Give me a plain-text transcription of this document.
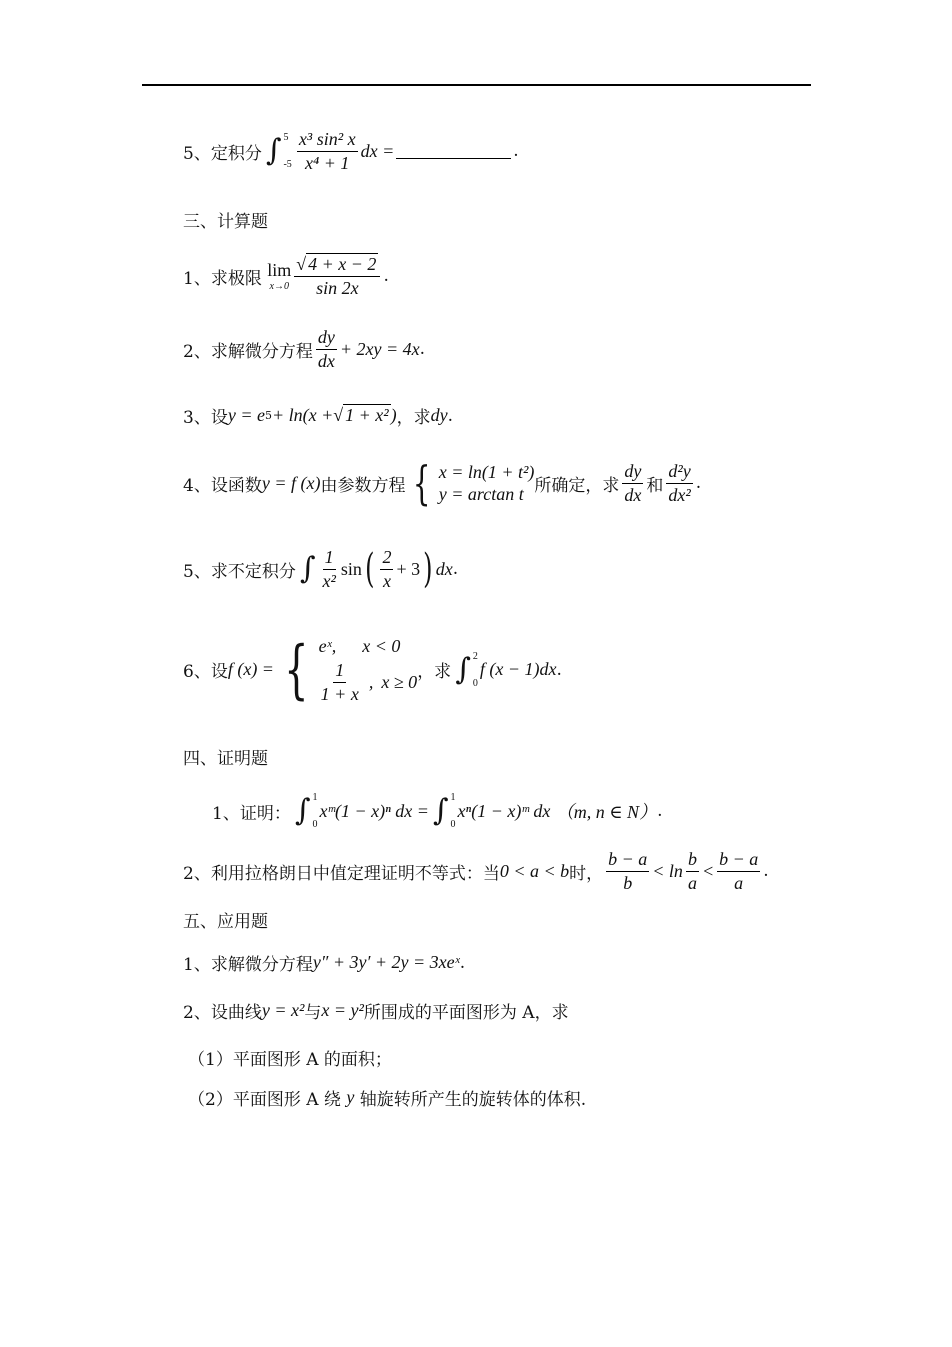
5、定积分 ∫ 5
$-5 \frac{\text{x³ sin² x}}{\text{x⁴ + 1}}$ dx =	.
三、计算题
1、求极限
lim
$x\to 0 \frac{√ 4 + x - 2}{\sin 2x}$ .
2、求解微分方程 $\frac{dy}{dx} + 2xy = 4x$ .
3、设 y = e 5 + ln(x + √ 1 + x² ) ，求 dy .
4、设函数 y = f (x) 由参数方程 { x = ln(1 + t²)
y = arctan t 所确定，求 $\frac{dy}{dx}$ 和 $\frac{\text{d²y}}{\text{dx²}}$ .
5、求不定积分 ∫ $\frac{1}{\text{x²}}$ sin ( $\frac{2}{x} + 3$ ) dx .
6、设 f (x) = { eˣ, x < 0
$\frac{1}{1 + x}$ , x ≥ 0 ，求 ∫ 2
0
f (x − 1)dx .
四、证明题
1、证明： ∫ 1
0
xᵐ(1 − x)ⁿ dx = ∫ 1
0
xⁿ(1 − x)ᵐ dx
（m, n ∈ N） .
2、利用拉格朗日中值定理证明不等式：当 0 < a < b 时， $\frac{b - a}{b} < \ln \frac{b}{a} < \frac{b - a}{a}$ .
五、应用题
1、求解微分方程 y″ + 3y′ + 2y = 3xeˣ .
2、设曲线 y = x² 与 x = y² 所围成的平面图形为 A，求
（1）平面图形 A 的面积；
（2）平面图形 A 绕
y
轴旋转所产生的旋转体的体积.
